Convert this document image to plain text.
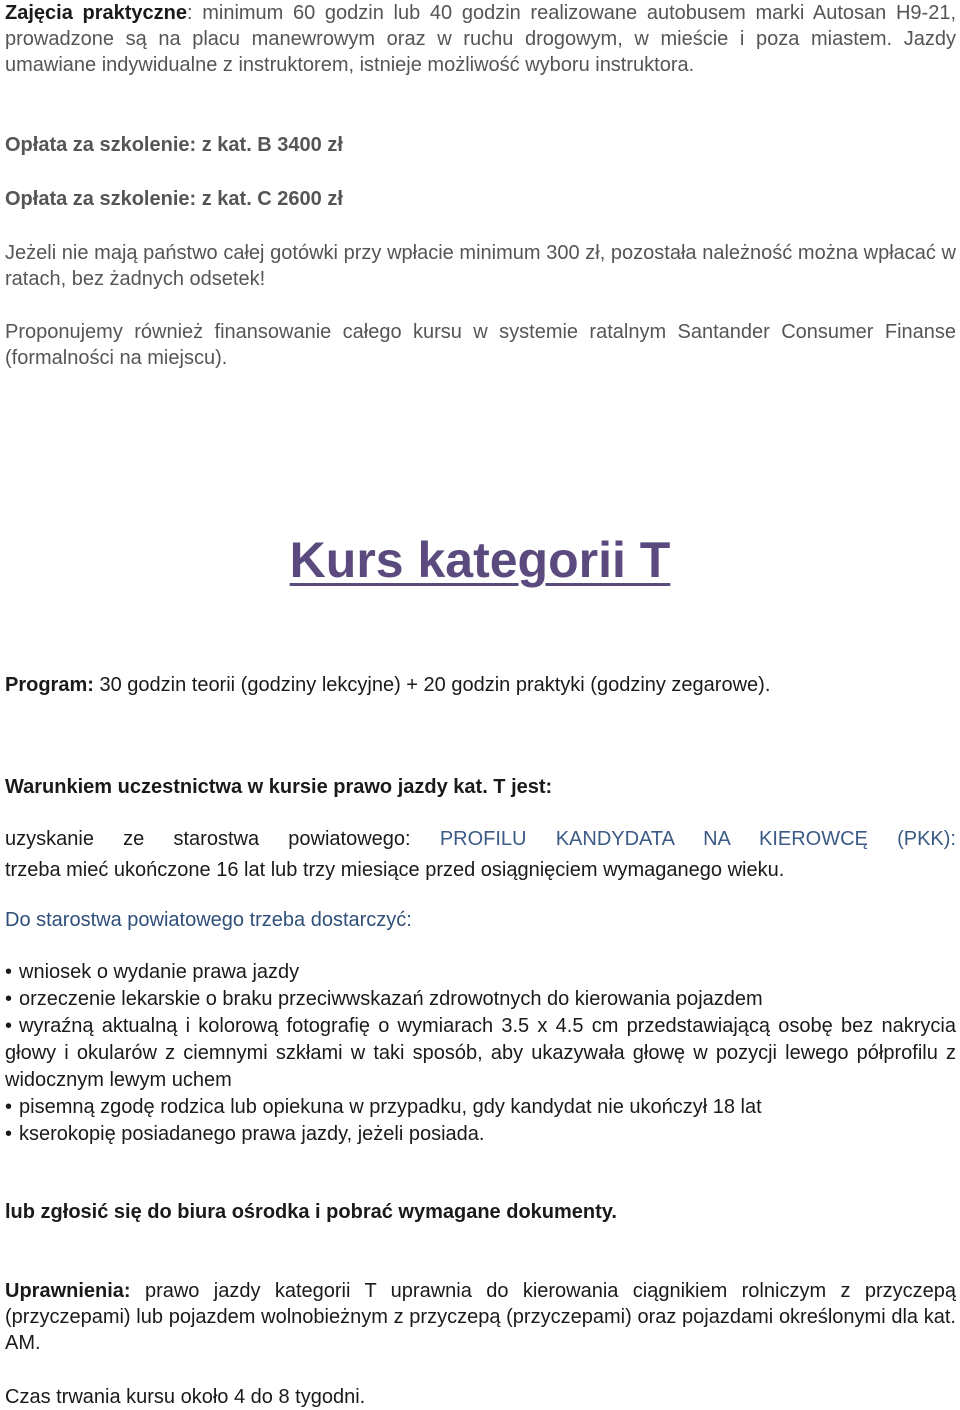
Zajęcia praktyczne: minimum 60 godzin lub 40 godzin realizowane autobusem marki Autosan H9-21, prowadzone są na placu manewrowym oraz w ruchu drogowym, w mieście i poza miastem. Jazdy umawiane indywidualne z instruktorem, istnieje możliwość wyboru instruktora.

Opłata za szkolenie: z kat. B 3400 zł

Opłata za szkolenie: z kat. C 2600 zł

Jeżeli nie mają państwo całej gotówki przy wpłacie minimum 300 zł, pozostała należność można wpłacać w ratach, bez żadnych odsetek!

Proponujemy również finansowanie całego kursu w systemie ratalnym Santander Consumer Finanse (formalności na miejscu).

Kurs kategorii T

Program: 30 godzin teorii (godziny lekcyjne) + 20 godzin praktyki (godziny zegarowe).

Warunkiem uczestnictwa w kursie prawo jazdy kat. T jest:

uzyskanie ze starostwa powiatowego: PROFILU KANDYDATA NA KIEROWCĘ (PKK):

trzeba mieć ukończone 16 lat lub trzy miesiące przed osiągnięciem wymaganego wieku.

Do starostwa powiatowego trzeba dostarczyć:

• wniosek o wydanie prawa jazdy

• orzeczenie lekarskie o braku przeciwwskazań zdrowotnych do kierowania pojazdem

• wyraźną aktualną i kolorową fotografię o wymiarach 3.5 x 4.5 cm przedstawiającą osobę bez nakrycia głowy i okularów z ciemnymi szkłami w taki sposób, aby ukazywała głowę w pozycji lewego półprofilu z widocznym lewym uchem

• pisemną zgodę rodzica lub opiekuna w przypadku, gdy kandydat nie ukończył 18 lat

• kserokopię posiadanego prawa jazdy, jeżeli posiada.

lub zgłosić się do biura ośrodka i pobrać wymagane dokumenty.

Uprawnienia: prawo jazdy kategorii T uprawnia do kierowania ciągnikiem rolniczym z przyczepą (przyczepami) lub pojazdem wolnobieżnym z przyczepą (przyczepami) oraz pojazdami określonymi dla kat. AM.

Czas trwania kursu około 4 do 8 tygodni.
